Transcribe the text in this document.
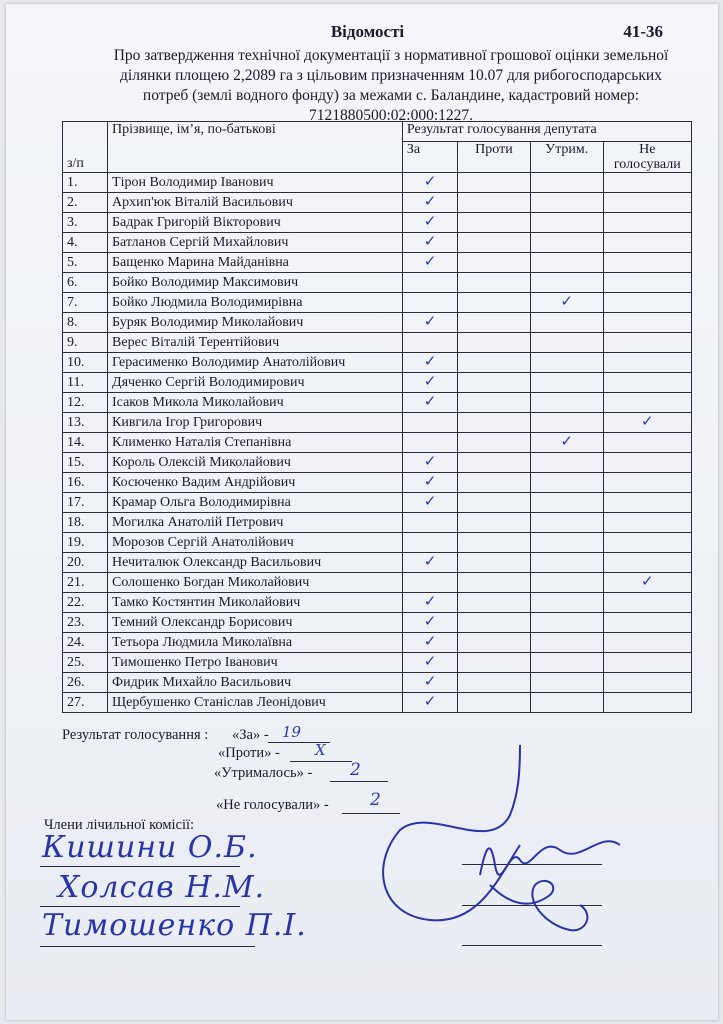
Відомості	41-36
Про затвердження технічної документації з нормативної грошової оцінки земельної ділянки площею 2,2089 га з цільовим призначенням 10.07 для рибогосподарських потреб (землі водного фонду) за межами с. Баландине, кадастровий номер: 7121880500:02:000:1227.
з/п	Прізвище, ім’я, по-батькові	Результат голосування депутата			
		За	Проти	Утрим.	Не голосували
1.	Тірон Володимир Іванович	✓			
2.	Архип'юк Віталій Васильович	✓			
3.	Бадрак Григорій Вікторович	✓			
4.	Батланов Сергій Михайлович	✓			
5.	Бащенко Марина Майданівна	✓			
6.	Бойко Володимир Максимович				
7.	Бойко Людмила Володимирівна			✓	
8.	Буряк Володимир Миколайович	✓			
9.	Верес Віталій Терентійович				
10.	Герасименко Володимир Анатолійович	✓			
11.	Дяченко Сергій Володимирович	✓			
12.	Ісаков Микола Миколайович	✓			
13.	Кивгила Ігор Григорович				✓
14.	Клименко Наталія Степанівна			✓	
15.	Король Олексій Миколайович	✓			
16.	Косюченко Вадим Андрійович	✓			
17.	Крамар Ольга Володимирівна	✓			
18.	Могилка Анатолій Петрович				
19.	Морозов Сергій Анатолійович				
20.	Нечиталюк Олександр Васильович	✓			
21.	Солошенко Богдан Миколайович				✓
22.	Тамко Костянтин Миколайович	✓			
23.	Темний Олександр Борисович	✓			
24.	Тетьора Людмила Миколаївна	✓			
25.	Тимошенко Петро Іванович	✓			
26.	Фидрик Михайло Васильович	✓			
27.	Щербушенко Станіслав Леонідович	✓			
Результат голосування : «За» - 19
«Проти» - X
«Утрималось» - 2
«Не голосували» - 2
Члени лічильної комісії:
Кишини О.Б.
Холсав Н.М.
Тимошенко П.І.
